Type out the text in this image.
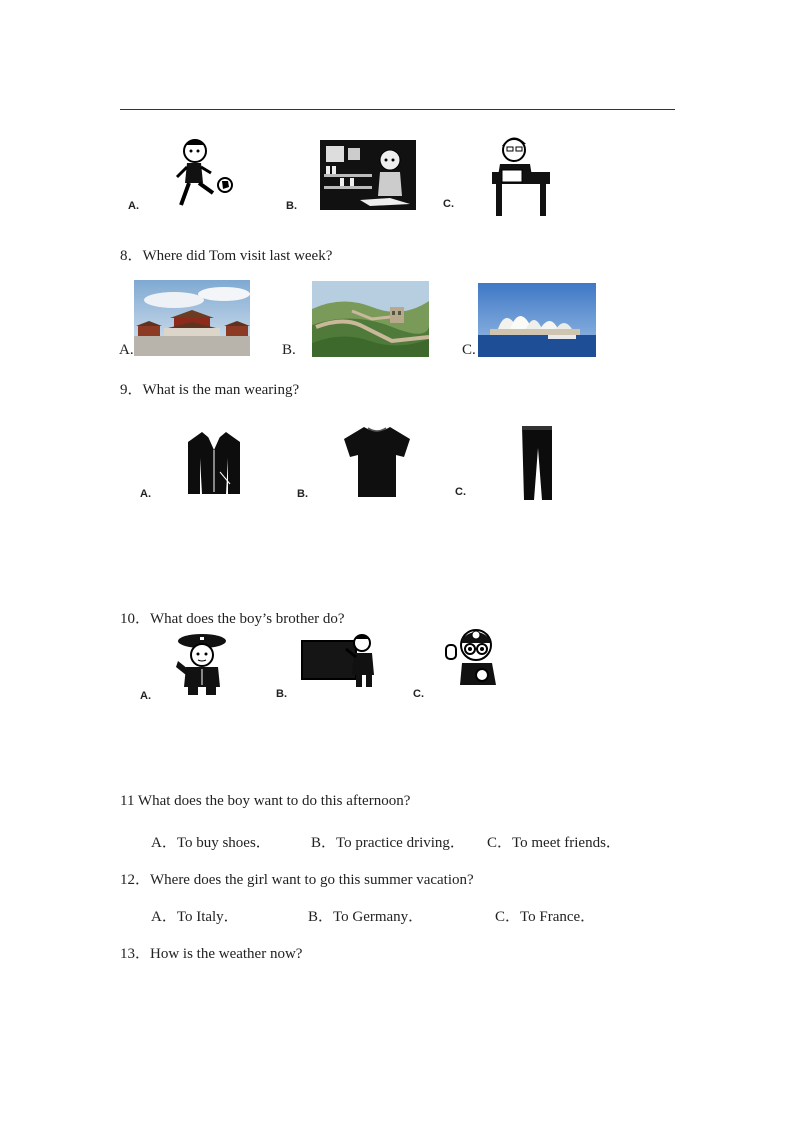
A.	B.	C.
8．Where did Tom visit last week?
A.	B.	C.
9．What is the man wearing?
A.	B.	C.
10．What does the boy’s brother do?
A.	B.	C.
11 What does the boy want to do this afternoon?
A．To buy shoes．	B．To practice driving． C．To meet friends．
12．Where does the girl want to go this summer vacation?
A．To Italy．	B．To Germany．	C．To France．
13．How is the weather now?
